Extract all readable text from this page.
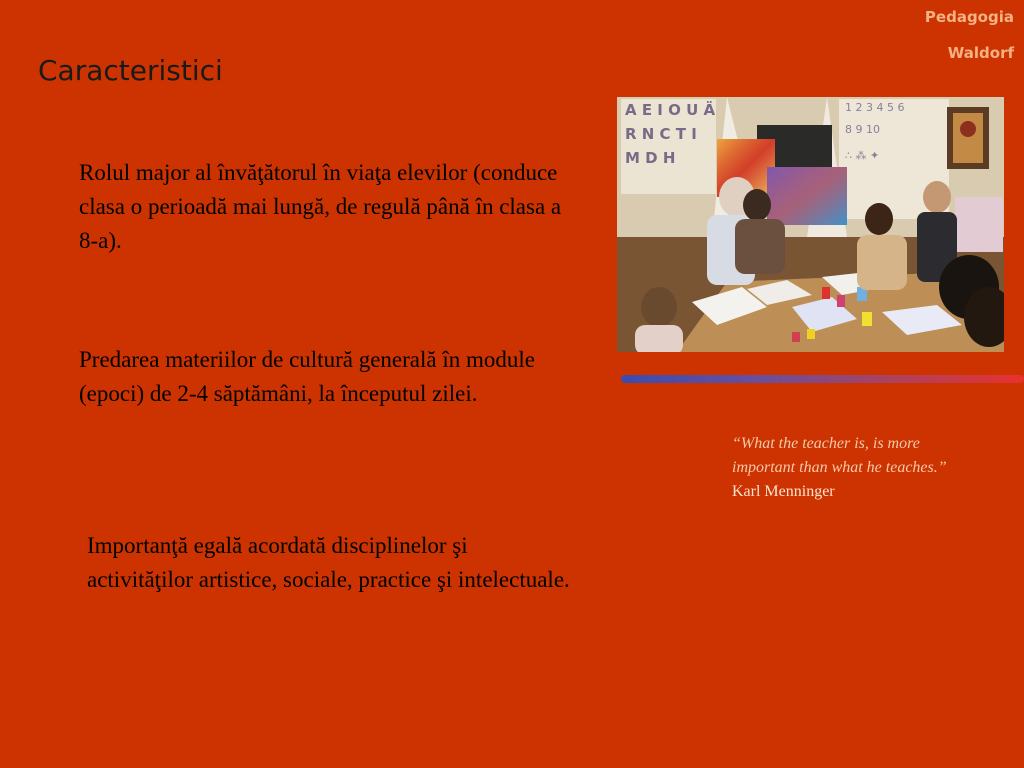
Pedagogia
Waldorf
Caracteristici
Rolul major al învăţătorul în viaţa elevilor (conduce clasa o perioadă mai lungă, de regulă până în clasa a 8-a).
Predarea materiilor de cultură generală în module (epoci) de 2-4 săptămâni, la începutul zilei.
Importanţă egală acordată disciplinelor şi activităţilor artistice, sociale, practice şi intelectuale.
A E I O U Ä
R N C T I
M D H
1 2 3 4 5 6
8 9 10
∴ ⁂ ✦
“What the teacher is, is more important than what he teaches.”
Karl Menninger
